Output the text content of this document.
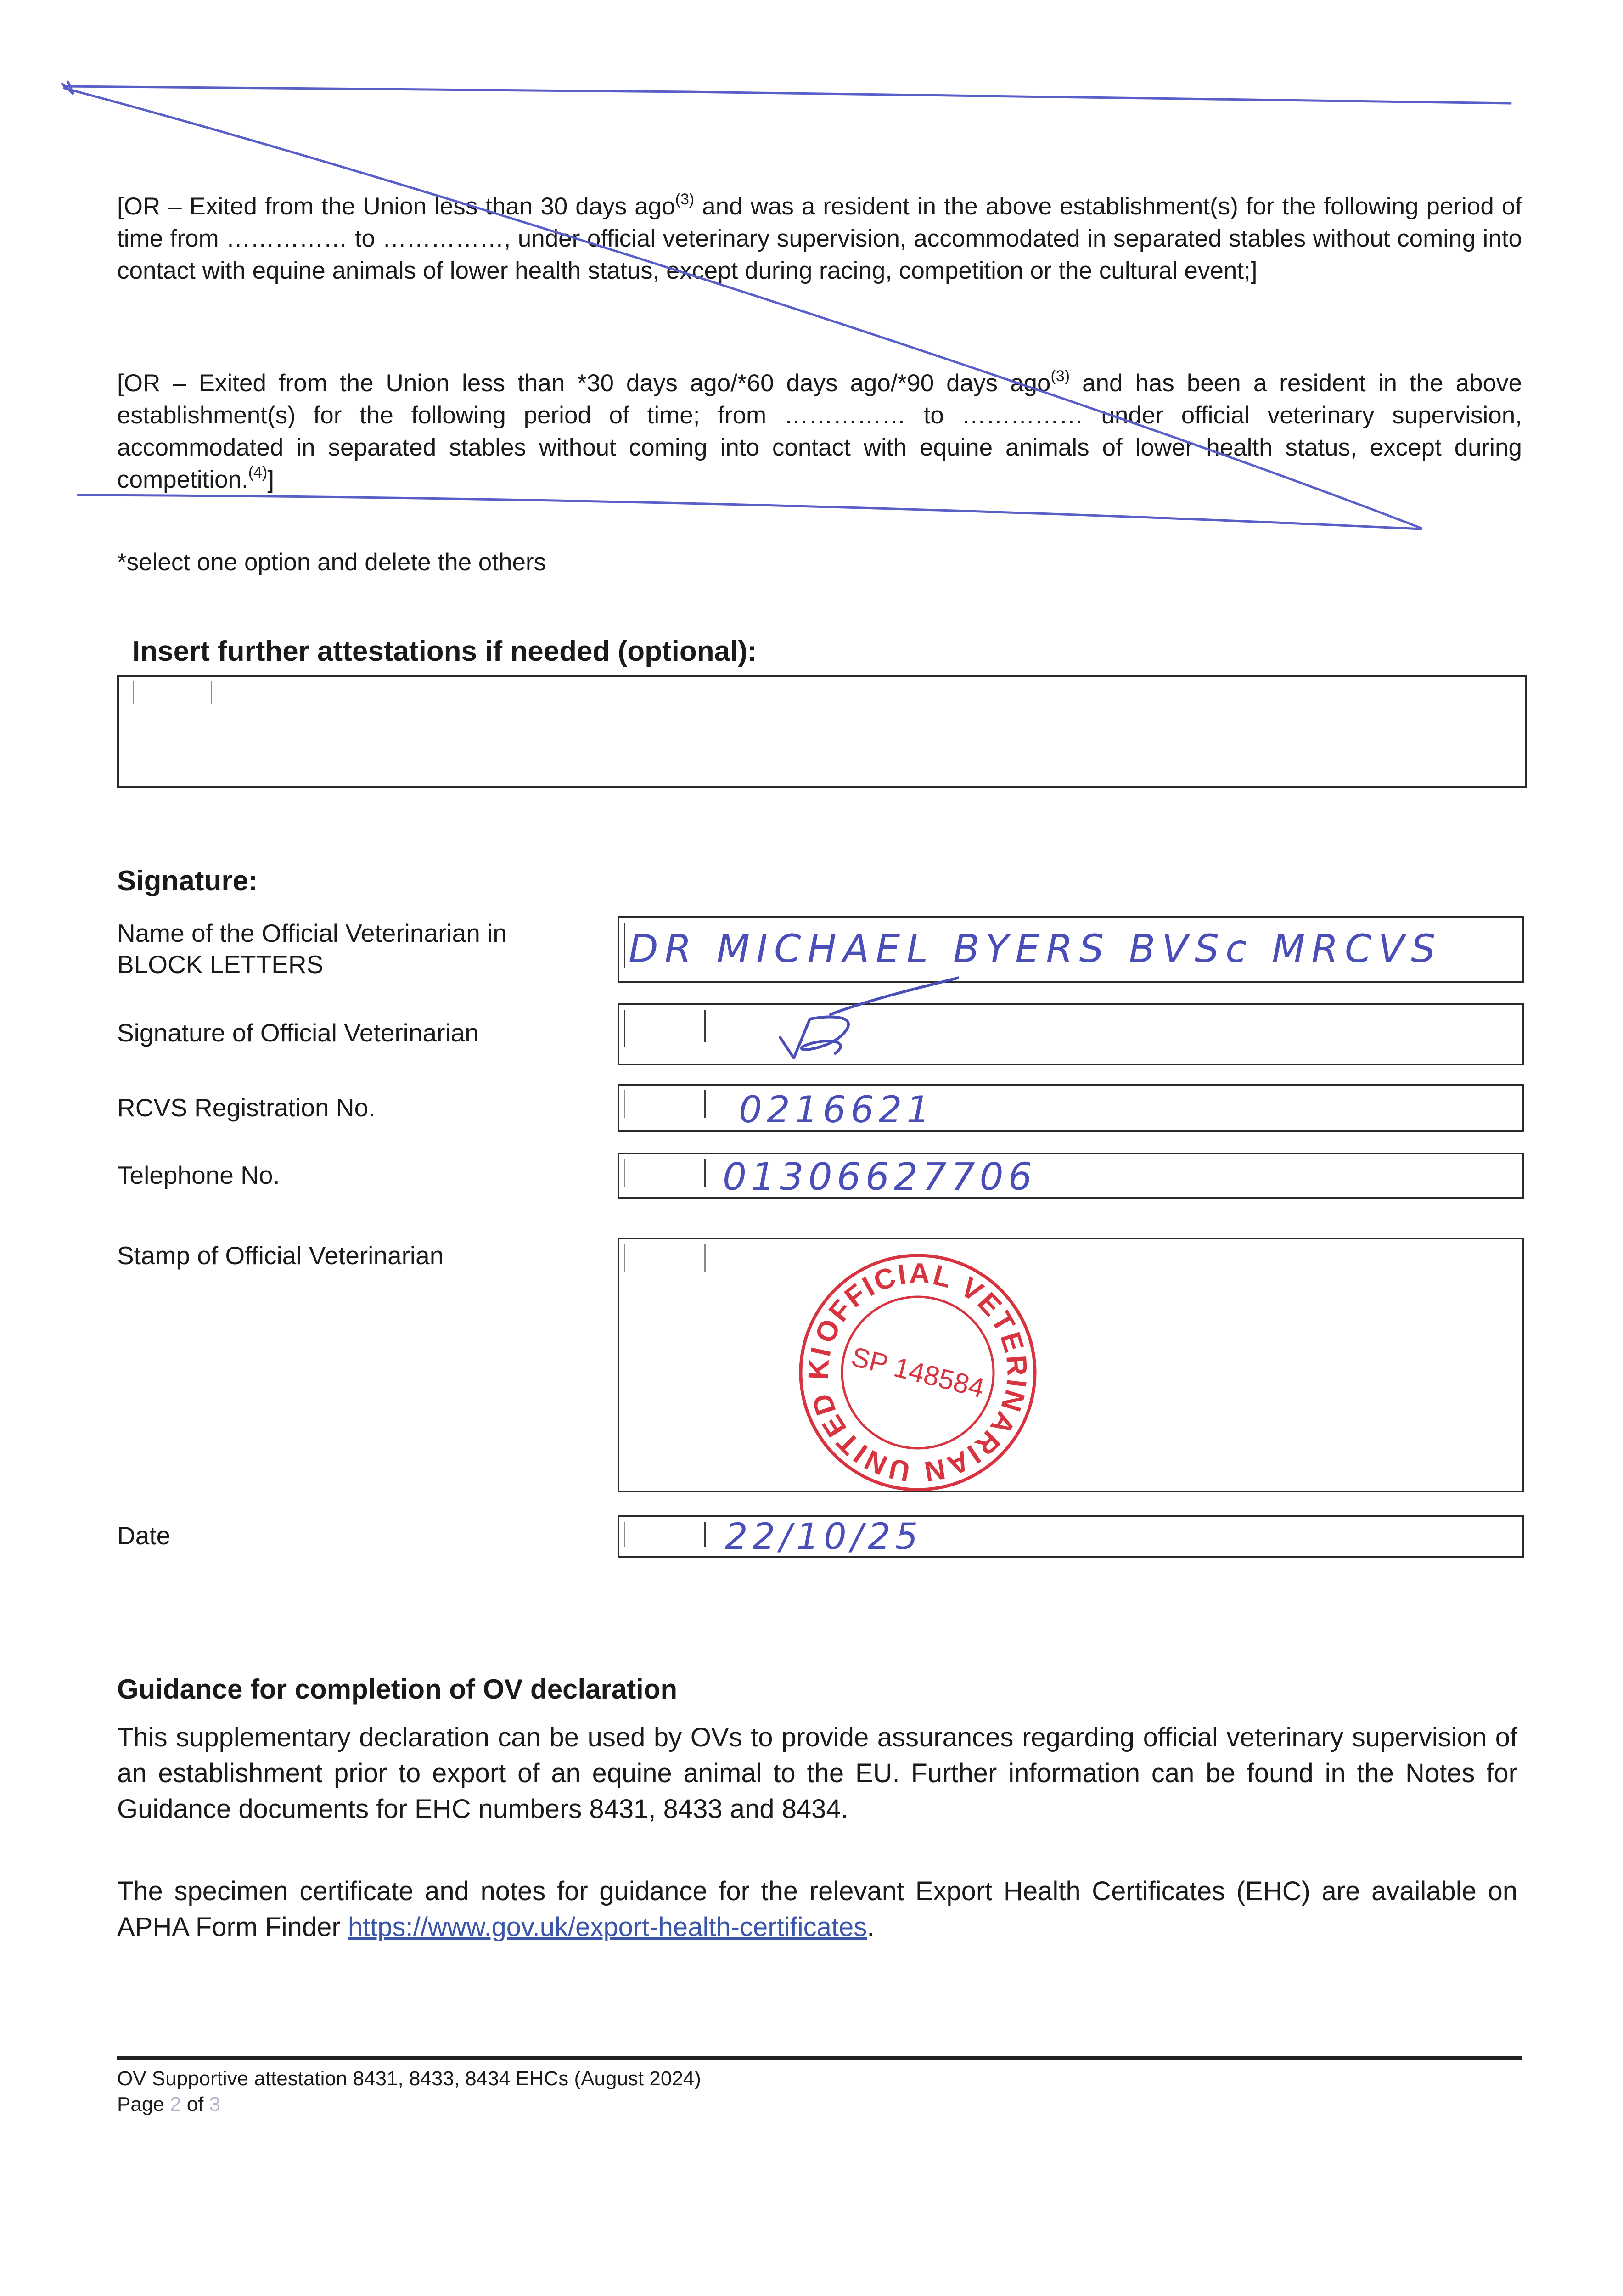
[OR – Exited from the Union less than 30 days ago$^{(3)}$ and was a resident in the above establishment(s) for the following period of time from …………… to ……………, under official veterinary supervision, accommodated in separated stables without coming into contact with equine animals of lower health status, except during racing, competition or the cultural event;]
[OR – Exited from the Union less than *30 days ago/*60 days ago/*90 days ago$^{(3)}$ and has been a resident in the above establishment(s) for the following period of time; from …………… to …………… under official veterinary supervision, accommodated in separated stables without coming into contact with equine animals of lower health status, except during competition.$^{(4)}$]
*select one option and delete the others
Insert further attestations if needed (optional):
Signature:
Name of the Official Veterinarian in BLOCK LETTERS	DR MICHAEL BYERS BVSc MRCVS
Signature of Official Veterinarian
RCVS Registration No.	0216621
Telephone No.	01306627706
Stamp of Official Veterinarian
OFFICIAL VETERINARIAN UNITED KINGDOM
SP 148584
Date	22/10/25
Guidance for completion of OV declaration
This supplementary declaration can be used by OVs to provide assurances regarding official veterinary supervision of an establishment prior to export of an equine animal to the EU. Further information can be found in the Notes for Guidance documents for EHC numbers 8431, 8433 and 8434.
The specimen certificate and notes for guidance for the relevant Export Health Certificates (EHC) are available on APHA Form Finder https://www.gov.uk/export-health-certificates.
OV Supportive attestation 8431, 8433, 8434 EHCs (August 2024)
Page 2 of 3
